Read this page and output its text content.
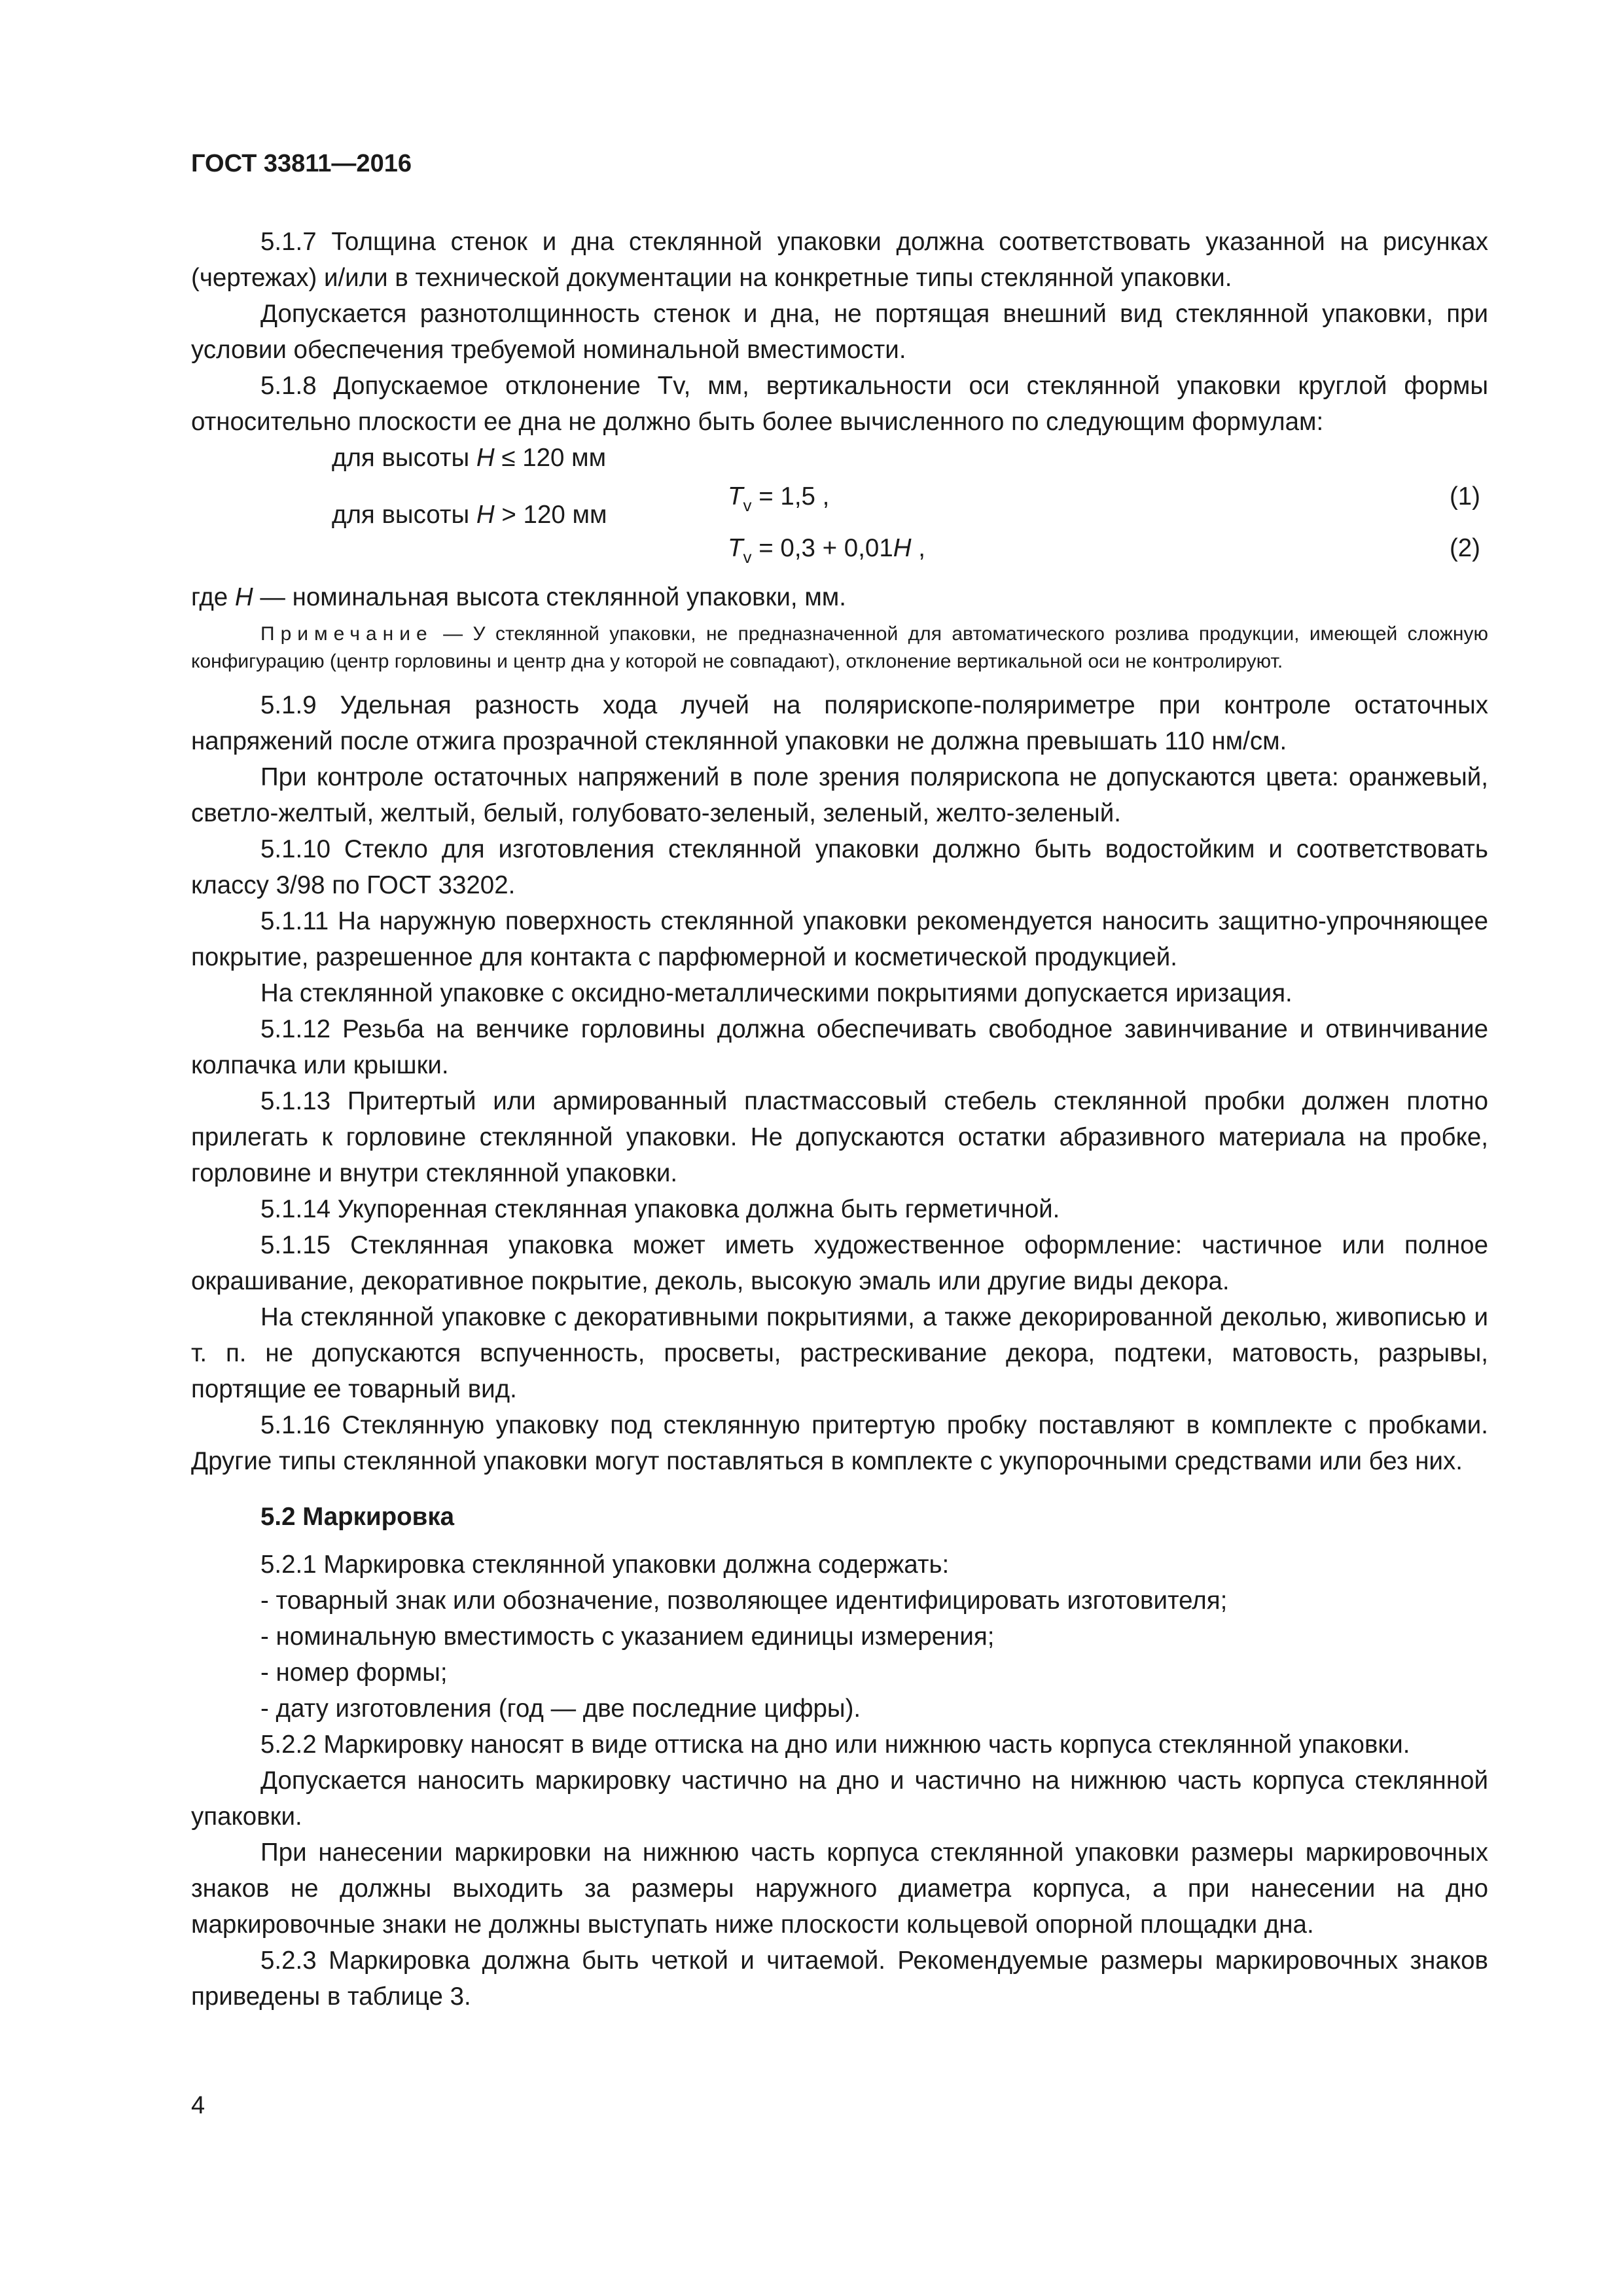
ГОСТ 33811—2016

5.1.7 Толщина стенок и дна стеклянной упаковки должна соответствовать указанной на рисунках (чертежах) и/или в технической документации на конкретные типы стеклянной упаковки.

Допускается разнотолщинность стенок и дна, не портящая внешний вид стеклянной упаковки, при условии обеспечения требуемой номинальной вместимости.

5.1.8 Допускаемое отклонение Tv, мм, вертикальности оси стеклянной упаковки круглой формы относительно плоскости ее дна не должно быть более вычисленного по следующим формулам:

для высоты H ≤ 120 мм

$T_v = 1,5$ ,	(1)
для высоты H > 120 мм
$T_v = 0,3 + 0,01H$ ,	(2)

где H — номинальная высота стеклянной упаковки, мм.

Примечание — У стеклянной упаковки, не предназначенной для автоматического розлива продукции, имеющей сложную конфигурацию (центр горловины и центр дна у которой не совпадают), отклонение вертикальной оси не контролируют.

5.1.9 Удельная разность хода лучей на полярископе-поляриметре при контроле остаточных напряжений после отжига прозрачной стеклянной упаковки не должна превышать 110 нм/см.

При контроле остаточных напряжений в поле зрения полярископа не допускаются цвета: оранжевый, светло-желтый, желтый, белый, голубовато-зеленый, зеленый, желто-зеленый.

5.1.10 Стекло для изготовления стеклянной упаковки должно быть водостойким и соответствовать классу 3/98 по ГОСТ 33202.

5.1.11 На наружную поверхность стеклянной упаковки рекомендуется наносить защитно-упрочняющее покрытие, разрешенное для контакта с парфюмерной и косметической продукцией.

На стеклянной упаковке с оксидно-металлическими покрытиями допускается иризация.

5.1.12 Резьба на венчике горловины должна обеспечивать свободное завинчивание и отвинчивание колпачка или крышки.

5.1.13 Притертый или армированный пластмассовый стебель стеклянной пробки должен плотно прилегать к горловине стеклянной упаковки. Не допускаются остатки абразивного материала на пробке, горловине и внутри стеклянной упаковки.

5.1.14 Укупоренная стеклянная упаковка должна быть герметичной.

5.1.15 Стеклянная упаковка может иметь художественное оформление: частичное или полное окрашивание, декоративное покрытие, деколь, высокую эмаль или другие виды декора.

На стеклянной упаковке с декоративными покрытиями, а также декорированной деколью, живописью и т. п. не допускаются вспученность, просветы, растрескивание декора, подтеки, матовость, разрывы, портящие ее товарный вид.

5.1.16 Стеклянную упаковку под стеклянную притертую пробку поставляют в комплекте с пробками. Другие типы стеклянной упаковки могут поставляться в комплекте с укупорочными средствами или без них.

5.2 Маркировка

5.2.1 Маркировка стеклянной упаковки должна содержать:

- товарный знак или обозначение, позволяющее идентифицировать изготовителя;

- номинальную вместимость с указанием единицы измерения;

- номер формы;

- дату изготовления (год — две последние цифры).

5.2.2 Маркировку наносят в виде оттиска на дно или нижнюю часть корпуса стеклянной упаковки.

Допускается наносить маркировку частично на дно и частично на нижнюю часть корпуса стеклянной упаковки.

При нанесении маркировки на нижнюю часть корпуса стеклянной упаковки размеры маркировочных знаков не должны выходить за размеры наружного диаметра корпуса, а при нанесении на дно маркировочные знаки не должны выступать ниже плоскости кольцевой опорной площадки дна.

5.2.3 Маркировка должна быть четкой и читаемой. Рекомендуемые размеры маркировочных знаков приведены в таблице 3.

4
